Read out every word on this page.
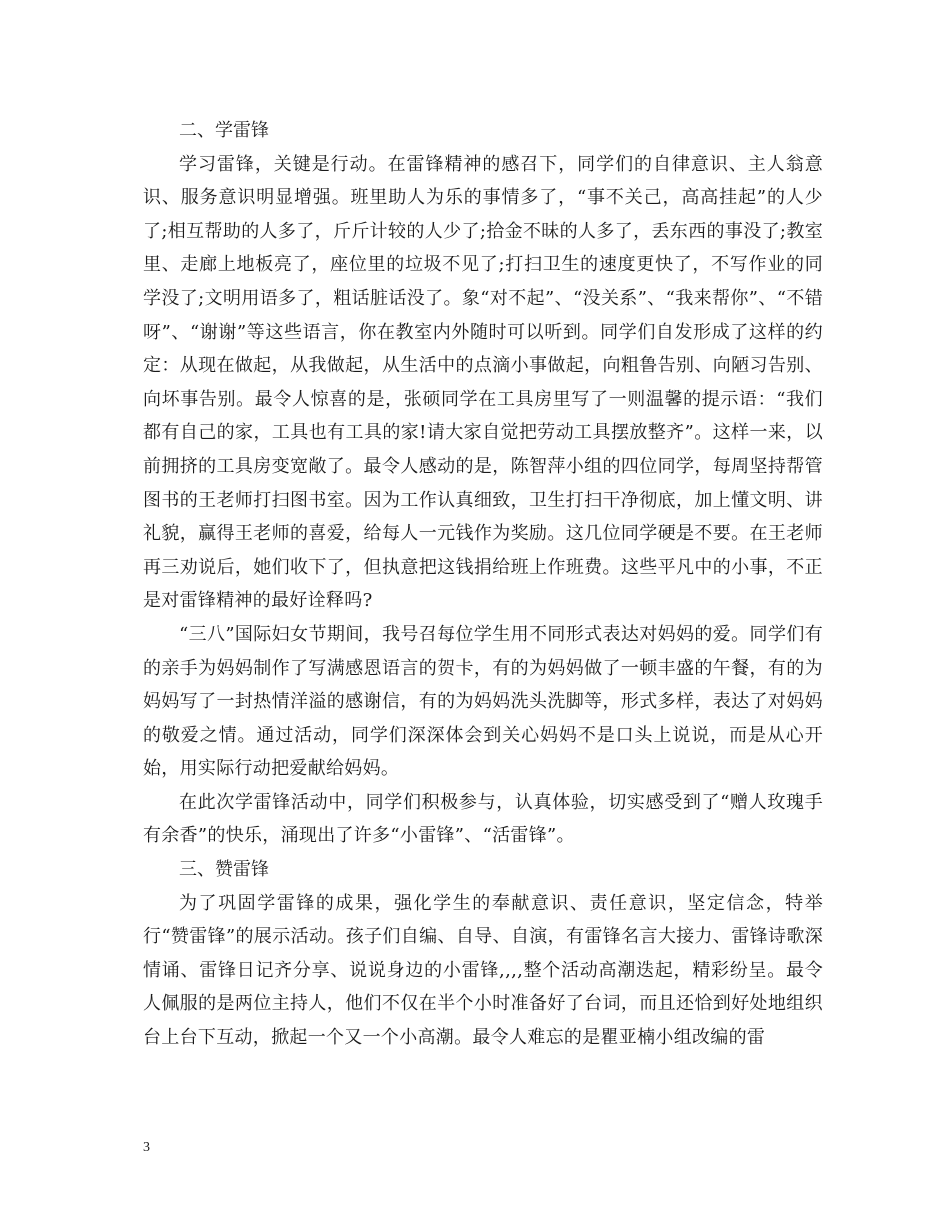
二、学雷锋

学习雷锋，关键是行动。在雷锋精神的感召下，同学们的自律意识、主人翁意识、服务意识明显增强。班里助人为乐的事情多了，“事不关己，高高挂起”的人少了;相互帮助的人多了，斤斤计较的人少了;拾金不昧的人多了，丢东西的事没了;教室里、走廊上地板亮了，座位里的垃圾不见了;打扫卫生的速度更快了，不写作业的同学没了;文明用语多了，粗话脏话没了。象“对不起”、“没关系”、“我来帮你”、“不错呀”、“谢谢”等这些语言，你在教室内外随时可以听到。同学们自发形成了这样的约定：从现在做起，从我做起，从生活中的点滴小事做起，向粗鲁告别、向陋习告别、向坏事告别。最令人惊喜的是，张硕同学在工具房里写了一则温馨的提示语：“我们都有自己的家，工具也有工具的家!请大家自觉把劳动工具摆放整齐”。这样一来，以前拥挤的工具房变宽敞了。最令人感动的是，陈智萍小组的四位同学，每周坚持帮管图书的王老师打扫图书室。因为工作认真细致，卫生打扫干净彻底，加上懂文明、讲礼貌，赢得王老师的喜爱，给每人一元钱作为奖励。这几位同学硬是不要。在王老师再三劝说后，她们收下了，但执意把这钱捐给班上作班费。这些平凡中的小事，不正是对雷锋精神的最好诠释吗?

“三八”国际妇女节期间，我号召每位学生用不同形式表达对妈妈的爱。同学们有的亲手为妈妈制作了写满感恩语言的贺卡，有的为妈妈做了一顿丰盛的午餐，有的为妈妈写了一封热情洋溢的感谢信，有的为妈妈洗头洗脚等，形式多样，表达了对妈妈的敬爱之情。通过活动，同学们深深体会到关心妈妈不是口头上说说，而是从心开始，用实际行动把爱献给妈妈。

在此次学雷锋活动中，同学们积极参与，认真体验，切实感受到了“赠人玫瑰手有余香”的快乐，涌现出了许多“小雷锋”、“活雷锋”。

三、赞雷锋

为了巩固学雷锋的成果，强化学生的奉献意识、责任意识，坚定信念，特举行“赞雷锋”的展示活动。孩子们自编、自导、自演，有雷锋名言大接力、雷锋诗歌深情诵、雷锋日记齐分享、说说身边的小雷锋,,,,整个活动高潮迭起，精彩纷呈。最令人佩服的是两位主持人，他们不仅在半个小时准备好了台词，而且还恰到好处地组织台上台下互动，掀起一个又一个小高潮。最令人难忘的是瞿亚楠小组改编的雷

3
